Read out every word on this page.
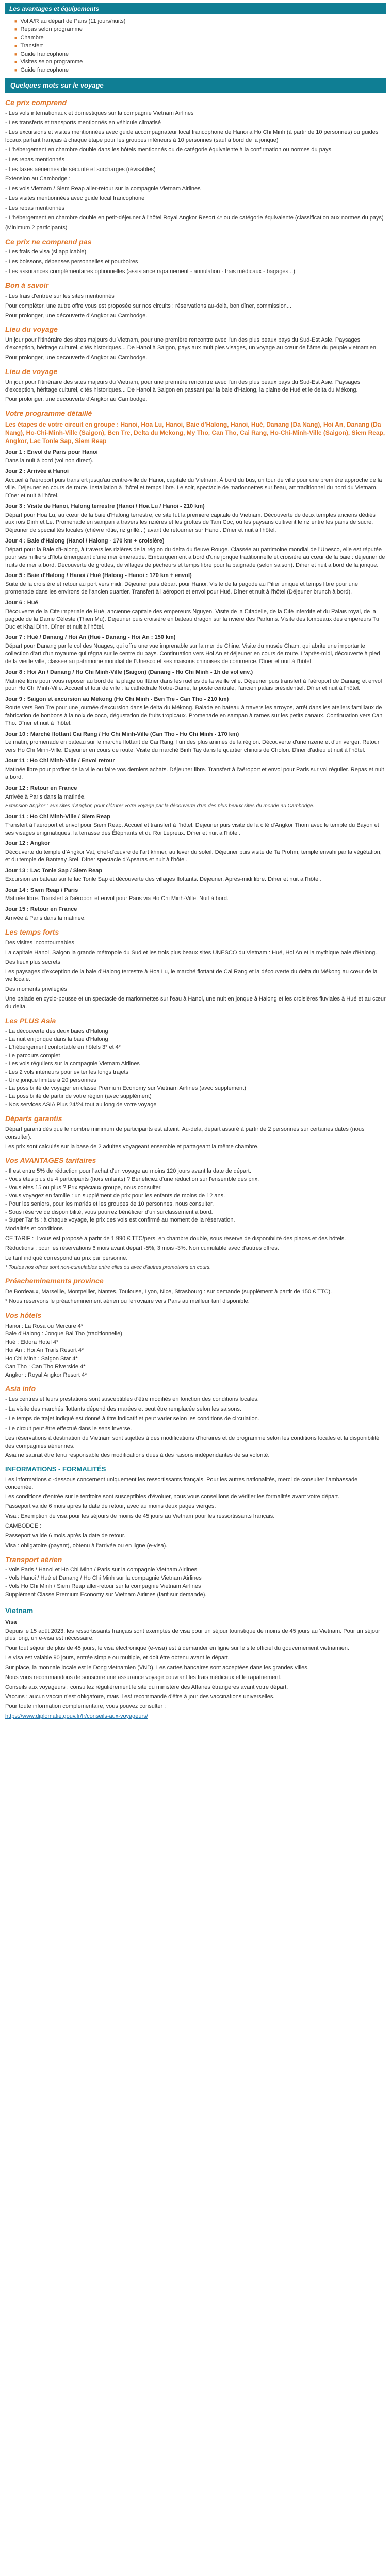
Les avantages et équipements
■ Vol A/R au départ de Paris (11 jours/nuits)
■ Repas selon programme
■ Chambre
■ Transfert
■ Guide francophone
■ Visites selon programme
■ Guide francophone
Quelques mots sur le voyage
Ce prix comprend

- Les vols internationaux et domestiques sur la compagnie Vietnam Airlines

- Les transferts et transports mentionnés en véhicule climatisé

- Les excursions et visites mentionnées avec guide accompagnateur local francophone de Hanoi à Ho Chi Minh (à partir de 10 personnes) ou guides locaux parlant français à chaque étape pour les groupes inférieurs à 10 personnes (sauf à bord de la jonque)

- L'hébergement en chambre double dans les hôtels mentionnés ou de catégorie équivalente à la confirmation ou normes du pays

- Les repas mentionnés

- Les taxes aériennes de sécurité et surcharges (révisables)

Extension au Cambodge :

- Les vols Vietnam / Siem Reap aller-retour sur la compagnie Vietnam Airlines

- Les visites mentionnées avec guide local francophone

- Les repas mentionnés

- L'hébergement en chambre double en petit-déjeuner à l'hôtel Royal Angkor Resort 4* ou de catégorie équivalente (classification aux normes du pays)

(Minimum 2 participants)

Ce prix ne comprend pas

- Les frais de visa (si applicable)

- Les boissons, dépenses personnelles et pourboires

- Les assurances complémentaires optionnelles (assistance rapatriement - annulation - frais médicaux - bagages...)

Bon à savoir

- Les frais d'entrée sur les sites mentionnés

Pour compléter, une autre offre vous est proposée sur nos circuits : réservations au-delà, bon dîner, commission...

Pour prolonger, une découverte d'Angkor au Cambodge.

Lieu du voyage

Un jour pour l'itinéraire des sites majeurs du Vietnam, pour une première rencontre avec l'un des plus beaux pays du Sud-Est Asie. Paysages d'exception, héritage culturel, cités historiques... De Hanoi à Saigon, pays aux multiples visages, un voyage au cœur de l'âme du peuple vietnamien.

Pour prolonger, une découverte d'Angkor au Cambodge.

Lieu de voyage

Un jour pour l'itinéraire des sites majeurs du Vietnam, pour une première rencontre avec l'un des plus beaux pays du Sud-Est Asie. Paysages d'exception, héritage culturel, cités historiques... De Hanoi à Saigon en passant par la baie d'Halong, la plaine de Hué et le delta du Mékong.

Pour prolonger, une découverte d'Angkor au Cambodge.

Votre programme détaillé

Les étapes de votre circuit en groupe : Hanoi, Hoa Lu, Hanoi, Baie d'Halong, Hanoi, Hué, Danang (Da Nang), Hoi An, Danang (Da Nang), Ho-Chi-Minh-Ville (Saigon), Ben Tre, Delta du Mekong, My Tho, Can Tho, Cai Rang, Ho-Chi-Minh-Ville (Saigon), Siem Reap, Angkor, Lac Tonle Sap, Siem Reap

Jour 1 : Envol de Paris pour Hanoi

Dans la nuit à bord (vol non direct).

Jour 2 : Arrivée à Hanoi

Accueil à l'aéroport puis transfert jusqu'au centre-ville de Hanoi, capitale du Vietnam. À bord du bus, un tour de ville pour une première approche de la ville. Déjeuner en cours de route. Installation à l'hôtel et temps libre. Le soir, spectacle de marionnettes sur l'eau, art traditionnel du nord du Vietnam. Dîner et nuit à l'hôtel.

Jour 3 : Visite de Hanoi, Halong terrestre (Hanoi / Hoa Lu / Hanoi - 210 km)

Départ pour Hoa Lu, au cœur de la baie d'Halong terrestre, ce site fut la première capitale du Vietnam. Découverte de deux temples anciens dédiés aux rois Dinh et Le. Promenade en sampan à travers les rizières et les grottes de Tam Coc, où les paysans cultivent le riz entre les pains de sucre. Déjeuner de spécialités locales (chèvre rôtie, riz grillé...) avant de retourner sur Hanoi. Dîner et nuit à l'hôtel.

Jour 4 : Baie d'Halong (Hanoi / Halong - 170 km + croisière)

Départ pour la Baie d'Halong, à travers les rizières de la région du delta du fleuve Rouge. Classée au patrimoine mondial de l'Unesco, elle est réputée pour ses milliers d'îlots émergeant d'une mer émeraude. Embarquement à bord d'une jonque traditionnelle et croisière au cœur de la baie : déjeuner de fruits de mer à bord. Découverte de grottes, de villages de pêcheurs et temps libre pour la baignade (selon saison). Dîner et nuit à bord de la jonque.

Jour 5 : Baie d'Halong / Hanoi / Hué (Halong - Hanoi : 170 km + envol)

Suite de la croisière et retour au port vers midi. Déjeuner puis départ pour Hanoi. Visite de la pagode au Pilier unique et temps libre pour une promenade dans les environs de l'ancien quartier. Transfert à l'aéroport et envol pour Hué. Dîner et nuit à l'hôtel (Déjeuner brunch à bord).

Jour 6 : Hué

Découverte de la Cité impériale de Hué, ancienne capitale des empereurs Nguyen. Visite de la Citadelle, de la Cité interdite et du Palais royal, de la pagode de la Dame Céleste (Thien Mu). Déjeuner puis croisière en bateau dragon sur la rivière des Parfums. Visite des tombeaux des empereurs Tu Duc et Khai Dinh. Dîner et nuit à l'hôtel.

Jour 7 : Hué / Danang / Hoi An (Hué - Danang - Hoi An : 150 km)

Départ pour Danang par le col des Nuages, qui offre une vue imprenable sur la mer de Chine. Visite du musée Cham, qui abrite une importante collection d'art d'un royaume qui régna sur le centre du pays. Continuation vers Hoi An et déjeuner en cours de route. L'après-midi, découverte à pied de la vieille ville, classée au patrimoine mondial de l'Unesco et ses maisons chinoises de commerce. Dîner et nuit à l'hôtel.

Jour 8 : Hoi An / Danang / Ho Chi Minh-Ville (Saigon) (Danang - Ho Chi Minh - 1h de vol env.)

Matinée libre pour vous reposer au bord de la plage ou flâner dans les ruelles de la vieille ville. Déjeuner puis transfert à l'aéroport de Danang et envol pour Ho Chi Minh-Ville. Accueil et tour de ville : la cathédrale Notre-Dame, la poste centrale, l'ancien palais présidentiel. Dîner et nuit à l'hôtel.

Jour 9 : Saigon et excursion au Mékong (Ho Chi Minh - Ben Tre - Can Tho - 210 km)

Route vers Ben Tre pour une journée d'excursion dans le delta du Mékong. Balade en bateau à travers les arroyos, arrêt dans les ateliers familiaux de fabrication de bonbons à la noix de coco, dégustation de fruits tropicaux. Promenade en sampan à rames sur les petits canaux. Continuation vers Can Tho. Dîner et nuit à l'hôtel.

Jour 10 : Marché flottant Cai Rang / Ho Chi Minh-Ville (Can Tho - Ho Chi Minh - 170 km)

Le matin, promenade en bateau sur le marché flottant de Cai Rang, l'un des plus animés de la région. Découverte d'une rizerie et d'un verger. Retour vers Ho Chi Minh-Ville. Déjeuner en cours de route. Visite du marché Binh Tay dans le quartier chinois de Cholon. Dîner d'adieu et nuit à l'hôtel.

Jour 11 : Ho Chi Minh-Ville / Envol retour

Matinée libre pour profiter de la ville ou faire vos derniers achats. Déjeuner libre. Transfert à l'aéroport et envol pour Paris sur vol régulier. Repas et nuit à bord.

Jour 12 : Retour en France

Arrivée à Paris dans la matinée.

Extension Angkor : aux sites d'Angkor, pour clôturer votre voyage par la découverte d'un des plus beaux sites du monde au Cambodge.

Jour 11 : Ho Chi Minh-Ville / Siem Reap

Transfert à l'aéroport et envol pour Siem Reap. Accueil et transfert à l'hôtel. Déjeuner puis visite de la cité d'Angkor Thom avec le temple du Bayon et ses visages énigmatiques, la terrasse des Éléphants et du Roi Lépreux. Dîner et nuit à l'hôtel.

Jour 12 : Angkor

Découverte du temple d'Angkor Vat, chef-d'œuvre de l'art khmer, au lever du soleil. Déjeuner puis visite de Ta Prohm, temple envahi par la végétation, et du temple de Banteay Srei. Dîner spectacle d'Apsaras et nuit à l'hôtel.

Jour 13 : Lac Tonle Sap / Siem Reap

Excursion en bateau sur le lac Tonle Sap et découverte des villages flottants. Déjeuner. Après-midi libre. Dîner et nuit à l'hôtel.

Jour 14 : Siem Reap / Paris

Matinée libre. Transfert à l'aéroport et envol pour Paris via Ho Chi Minh-Ville. Nuit à bord.

Jour 15 : Retour en France

Arrivée à Paris dans la matinée.

Les temps forts

Des visites incontournables

La capitale Hanoi, Saigon la grande métropole du Sud et les trois plus beaux sites UNESCO du Vietnam : Hué, Hoi An et la mythique baie d'Halong.

Des lieux plus secrets

Les paysages d'exception de la baie d'Halong terrestre à Hoa Lu, le marché flottant de Cai Rang et la découverte du delta du Mékong au cœur de la vie locale.

Des moments privilégiés

Une balade en cyclo-pousse et un spectacle de marionnettes sur l'eau à Hanoi, une nuit en jonque à Halong et les croisières fluviales à Hué et au cœur du delta.

Les PLUS Asia

- La découverte des deux baies d'Halong

- La nuit en jonque dans la baie d'Halong

- L'hébergement confortable en hôtels 3* et 4*

- Le parcours complet

- Les vols réguliers sur la compagnie Vietnam Airlines

- Les 2 vols intérieurs pour éviter les longs trajets

- Une jonque limitée à 20 personnes

- La possibilité de voyager en classe Premium Economy sur Vietnam Airlines (avec supplément)

- La possibilité de partir de votre région (avec supplément)

- Nos services ASIA Plus 24/24 tout au long de votre voyage

Départs garantis

Départ garanti dès que le nombre minimum de participants est atteint. Au-delà, départ assuré à partir de 2 personnes sur certaines dates (nous consulter).

Les prix sont calculés sur la base de 2 adultes voyageant ensemble et partageant la même chambre.

Vos AVANTAGES tarifaires

- Il est entre 5% de réduction pour l'achat d'un voyage au moins 120 jours avant la date de départ.

- Vous êtes plus de 4 participants (hors enfants) ? Bénéficiez d'une réduction sur l'ensemble des prix.

- Vous êtes 15 ou plus ? Prix spéciaux groupe, nous consulter.

- Vous voyagez en famille : un supplément de prix pour les enfants de moins de 12 ans.

- Pour les seniors, pour les mariés et les groupes de 10 personnes, nous consulter.

- Sous réserve de disponibilité, vous pourrez bénéficier d'un surclassement à bord.

- Super Tarifs : à chaque voyage, le prix des vols est confirmé au moment de la réservation.

Modalités et conditions

CE TARIF : il vous est proposé à partir de 1 990 € TTC/pers. en chambre double, sous réserve de disponibilité des places et des hôtels.

Réductions : pour les réservations 6 mois avant départ -5%, 3 mois -3%. Non cumulable avec d'autres offres.

Le tarif indiqué correspond au prix par personne.

* Toutes nos offres sont non-cumulables entre elles ou avec d'autres promotions en cours.

Préacheminements province

De Bordeaux, Marseille, Montpellier, Nantes, Toulouse, Lyon, Nice, Strasbourg : sur demande (supplément à partir de 150 € TTC).

* Nous réservons le préacheminement aérien ou ferroviaire vers Paris au meilleur tarif disponible.

Vos hôtels

Hanoi : La Rosa ou Mercure 4*

Baie d'Halong : Jonque Bai Tho (traditionnelle)

Hué : Eldora Hotel 4*

Hoi An : Hoi An Trails Resort 4*

Ho Chi Minh : Saigon Star 4*

Can Tho : Can Tho Riverside 4*

Angkor : Royal Angkor Resort 4*

Asia info

- Les centres et leurs prestations sont susceptibles d'être modifiés en fonction des conditions locales.

- La visite des marchés flottants dépend des marées et peut être remplacée selon les saisons.

- Le temps de trajet indiqué est donné à titre indicatif et peut varier selon les conditions de circulation.

- Le circuit peut être effectué dans le sens inverse.

Les réservations à destination du Vietnam sont sujettes à des modifications d'horaires et de programme selon les conditions locales et la disponibilité des compagnies aériennes.

Asia ne saurait être tenu responsable des modifications dues à des raisons indépendantes de sa volonté.

INFORMATIONS - FORMALITÉS

Les informations ci-dessous concernent uniquement les ressortissants français. Pour les autres nationalités, merci de consulter l'ambassade concernée.

Les conditions d'entrée sur le territoire sont susceptibles d'évoluer, nous vous conseillons de vérifier les formalités avant votre départ.

Passeport valide 6 mois après la date de retour, avec au moins deux pages vierges.

Visa : Exemption de visa pour les séjours de moins de 45 jours au Vietnam pour les ressortissants français.

CAMBODGE :

Passeport valide 6 mois après la date de retour.

Visa : obligatoire (payant), obtenu à l'arrivée ou en ligne (e-visa).

Transport aérien

- Vols Paris / Hanoi et Ho Chi Minh / Paris sur la compagnie Vietnam Airlines

- Vols Hanoi / Hué et Danang / Ho Chi Minh sur la compagnie Vietnam Airlines

- Vols Ho Chi Minh / Siem Reap aller-retour sur la compagnie Vietnam Airlines

Supplément Classe Premium Economy sur Vietnam Airlines (tarif sur demande).

Vietnam
Visa

Depuis le 15 août 2023, les ressortissants français sont exemptés de visa pour un séjour touristique de moins de 45 jours au Vietnam. Pour un séjour plus long, un e-visa est nécessaire.

Pour tout séjour de plus de 45 jours, le visa électronique (e-visa) est à demander en ligne sur le site officiel du gouvernement vietnamien.

Le visa est valable 90 jours, entrée simple ou multiple, et doit être obtenu avant le départ.

Sur place, la monnaie locale est le Dong vietnamien (VND). Les cartes bancaires sont acceptées dans les grandes villes.

Nous vous recommandons de souscrire une assurance voyage couvrant les frais médicaux et le rapatriement.

Conseils aux voyageurs : consultez régulièrement le site du ministère des Affaires étrangères avant votre départ.

Vaccins : aucun vaccin n'est obligatoire, mais il est recommandé d'être à jour des vaccinations universelles.

Pour toute information complémentaire, vous pouvez consulter :

https://www.diplomatie.gouv.fr/fr/conseils-aux-voyageurs/
